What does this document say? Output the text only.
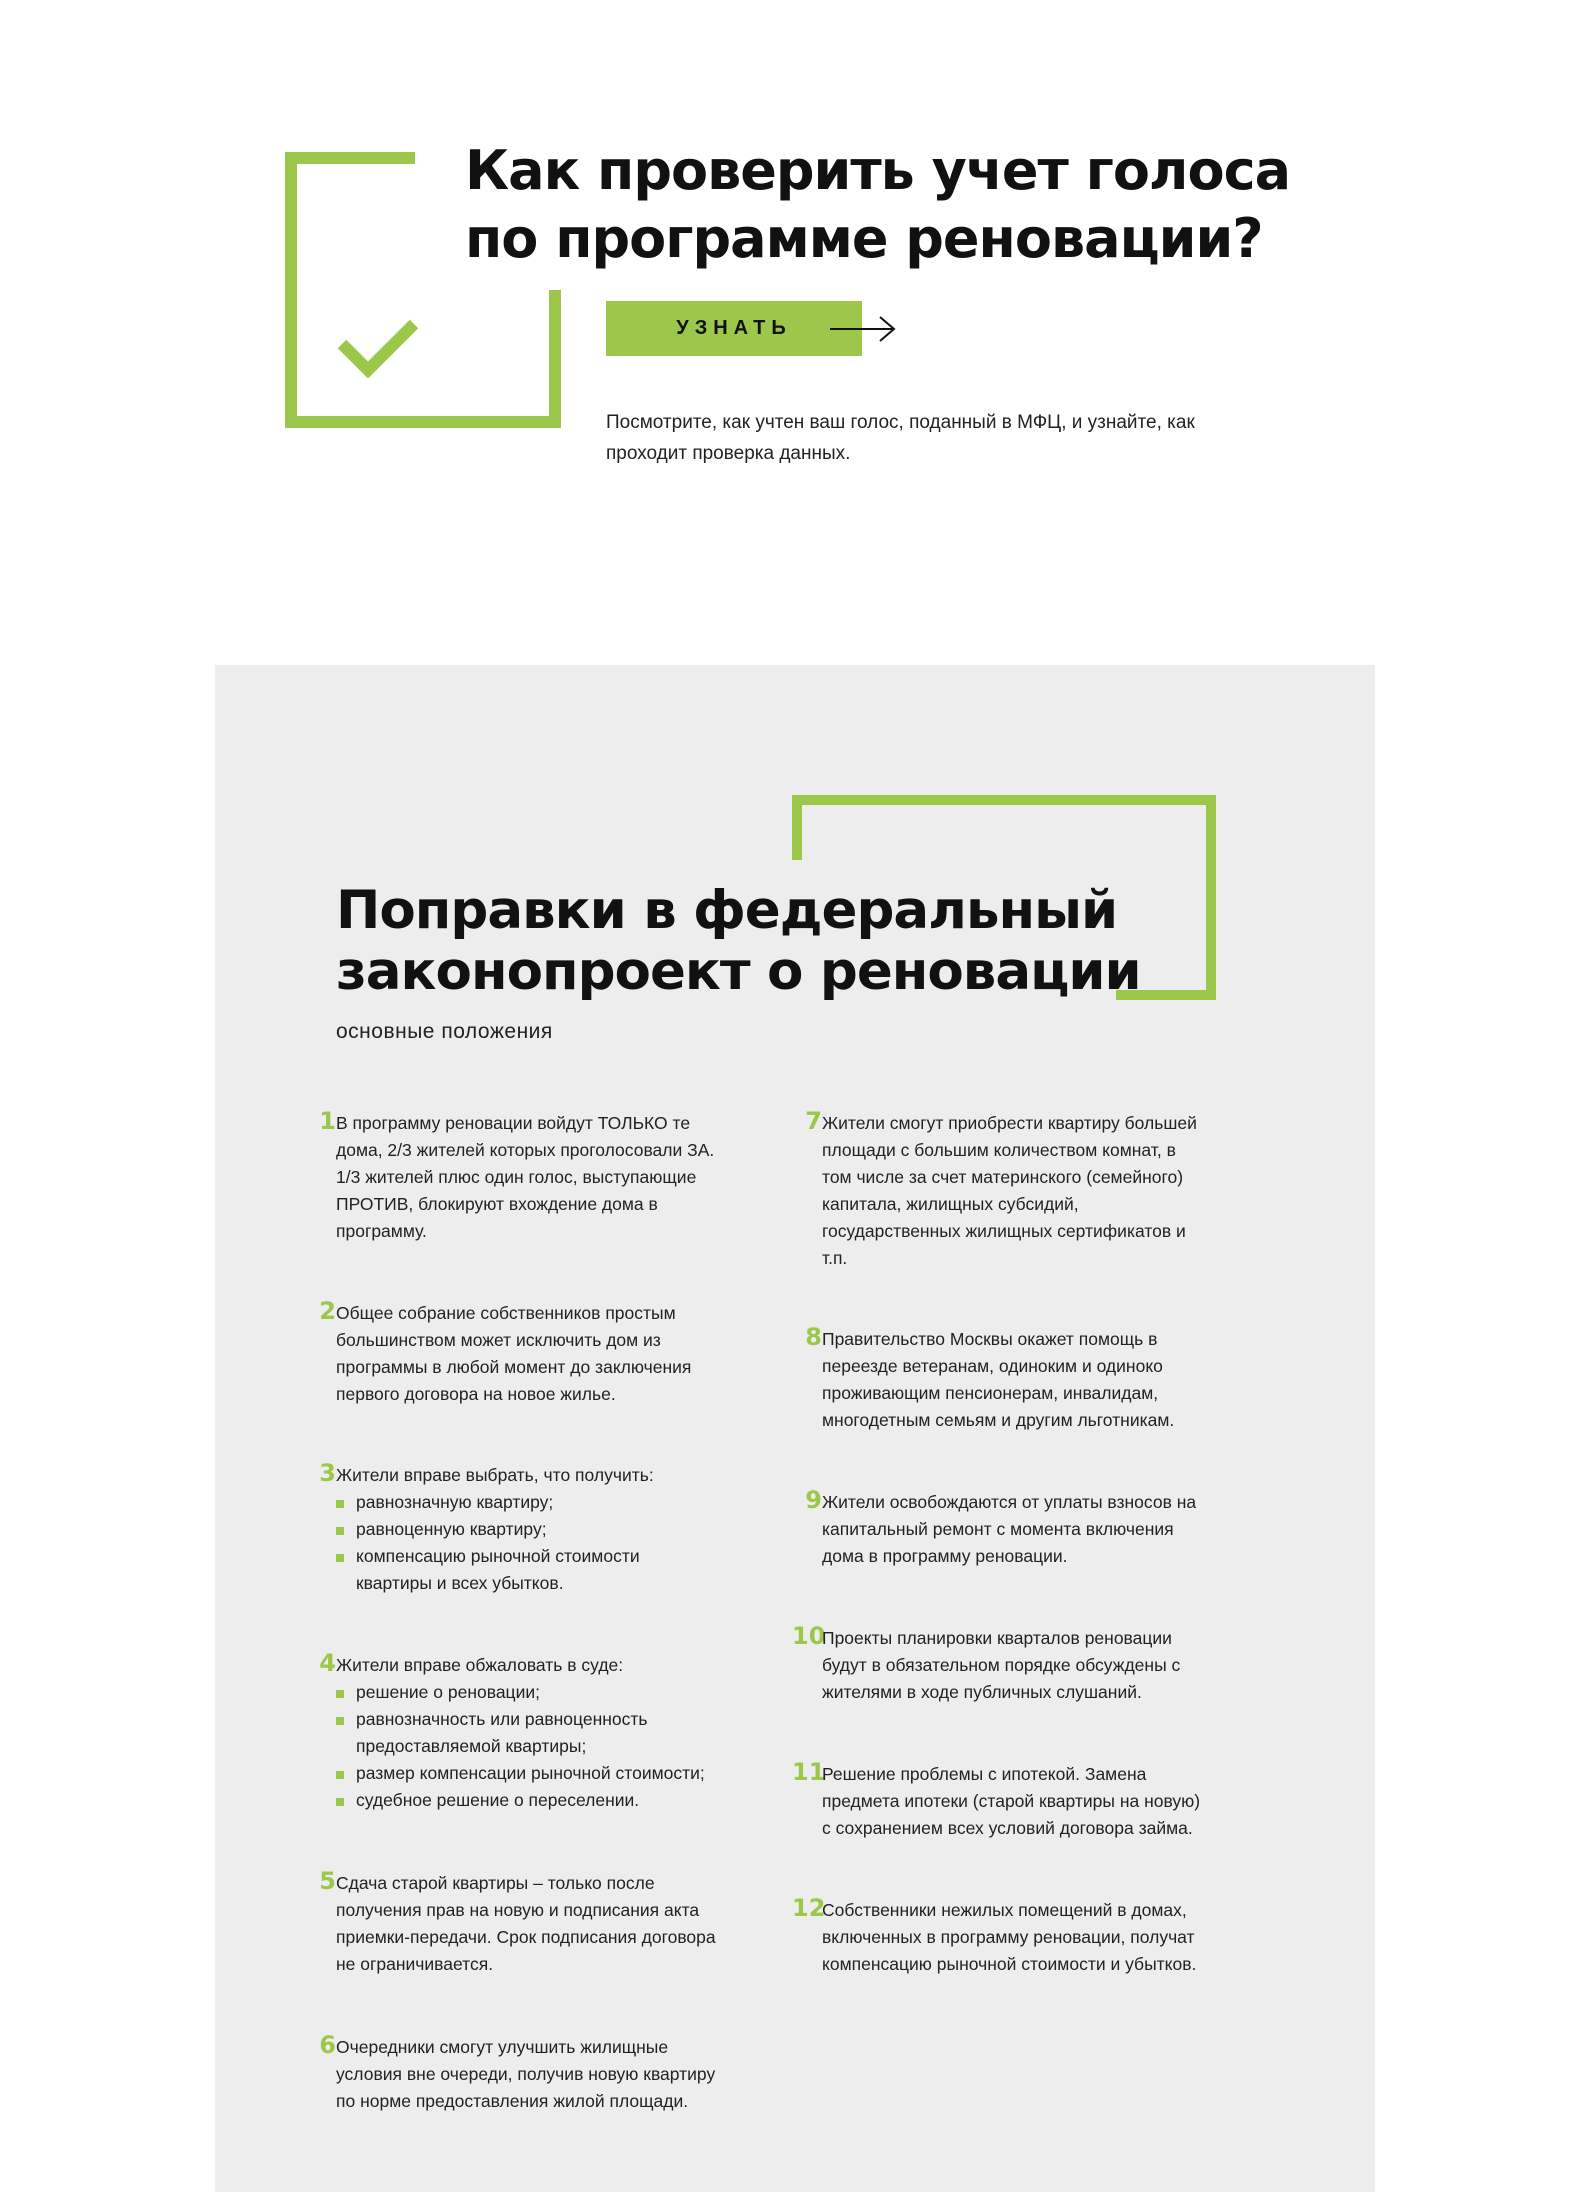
Как проверить учет голоса
по программе реновации?
УЗНАТЬ

Посмотрите, как учтен ваш голос, поданный в МФЦ, и узнайте, как
проходит проверка данных.

Поправки в федеральный
законопроект о реновации

основные положения

1 В программу реновации войдут ТОЛЬКО те
дома, 2/3 жителей которых проголосовали ЗА.
1/3 жителей плюс один голос, выступающие
ПРОТИВ, блокируют вхождение дома в
программу.
2 Общее собрание собственников простым
большинством может исключить дом из
программы в любой момент до заключения
первого договора на новое жилье.
3 Жители вправе выбрать, что получить:

равнозначную квартиру;
равноценную квартиру;
компенсацию рыночной стоимости
квартиры и всех убытков.
4 Жители вправе обжаловать в суде:

решение о реновации;
равнозначность или равноценность
предоставляемой квартиры;
размер компенсации рыночной стоимости;
судебное решение о переселении.
5 Сдача старой квартиры – только после
получения прав на новую и подписания акта
приемки-передачи. Срок подписания договора
не ограничивается.
6 Очередники смогут улучшить жилищные
условия вне очереди, получив новую квартиру
по норме предоставления жилой площади.
7 Жители смогут приобрести квартиру большей
площади с большим количеством комнат, в
том числе за счет материнского (семейного)
капитала, жилищных субсидий,
государственных жилищных сертификатов и
т.п.
8 Правительство Москвы окажет помощь в
переезде ветеранам, одиноким и одиноко
проживающим пенсионерам, инвалидам,
многодетным семьям и другим льготникам.
9 Жители освобождаются от уплаты взносов на
капитальный ремонт с момента включения
дома в программу реновации.
10
Проекты планировки кварталов реновации
будут в обязательном порядке обсуждены с
жителями в ходе публичных слушаний.
11
Решение проблемы с ипотекой. Замена
предмета ипотеки (старой квартиры на новую)
с сохранением всех условий договора займа.
12
Собственники нежилых помещений в домах,
включенных в программу реновации, получат
компенсацию рыночной стоимости и убытков.
